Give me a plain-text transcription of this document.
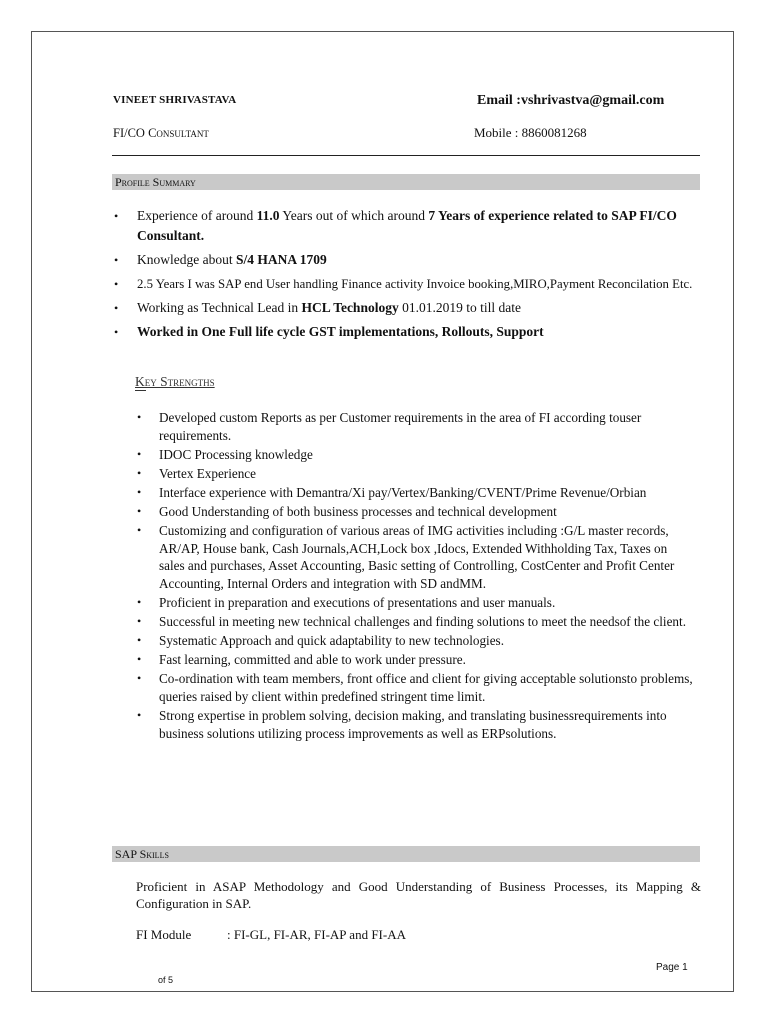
VINEET SHRIVASTAVA	Email :vshrivastva@gmail.com
FI/CO Consultant	Mobile : 8860081268
Profile Summary
• Experience of around 11.0 Years out of which around 7 Years of experience related to SAP FI/CO Consultant.
• Knowledge about S/4 HANA 1709
• 2.5 Years I was SAP end User handling Finance activity Invoice booking,MIRO,Payment Reconcilation Etc.
• Working as Technical Lead in HCL Technology 01.01.2019 to till date
• Worked in One Full life cycle GST implementations, Rollouts, Support
Key Strengths
• Developed custom Reports as per Customer requirements in the area of FI according touser requirements.
• IDOC Processing knowledge
• Vertex Experience
• Interface experience with Demantra/Xi pay/Vertex/Banking/CVENT/Prime Revenue/Orbian
• Good Understanding of both business processes and technical development
• Customizing and configuration of various areas of IMG activities including :G/L master records, AR/AP, House bank, Cash Journals,ACH,Lock box ,Idocs, Extended Withholding Tax, Taxes on sales and purchases, Asset Accounting, Basic setting of Controlling, CostCenter and Profit Center Accounting, Internal Orders and integration with SD andMM.
• Proficient in preparation and executions of presentations and user manuals.
• Successful in meeting new technical challenges and finding solutions to meet the needsof the client.
• Systematic Approach and quick adaptability to new technologies.
• Fast learning, committed and able to work under pressure.
• Co-ordination with team members, front office and client for giving acceptable solutionsto problems, queries raised by client within predefined stringent time limit.
• Strong expertise in problem solving, decision making, and translating businessrequirements into business solutions utilizing process improvements as well as ERPsolutions.
SAP Skills
Proficient in ASAP Methodology and Good Understanding of Business Processes, its Mapping & Configuration in SAP.
FI Module	: FI-GL, FI-AR, FI-AP and FI-AA
Page 1
of 5
